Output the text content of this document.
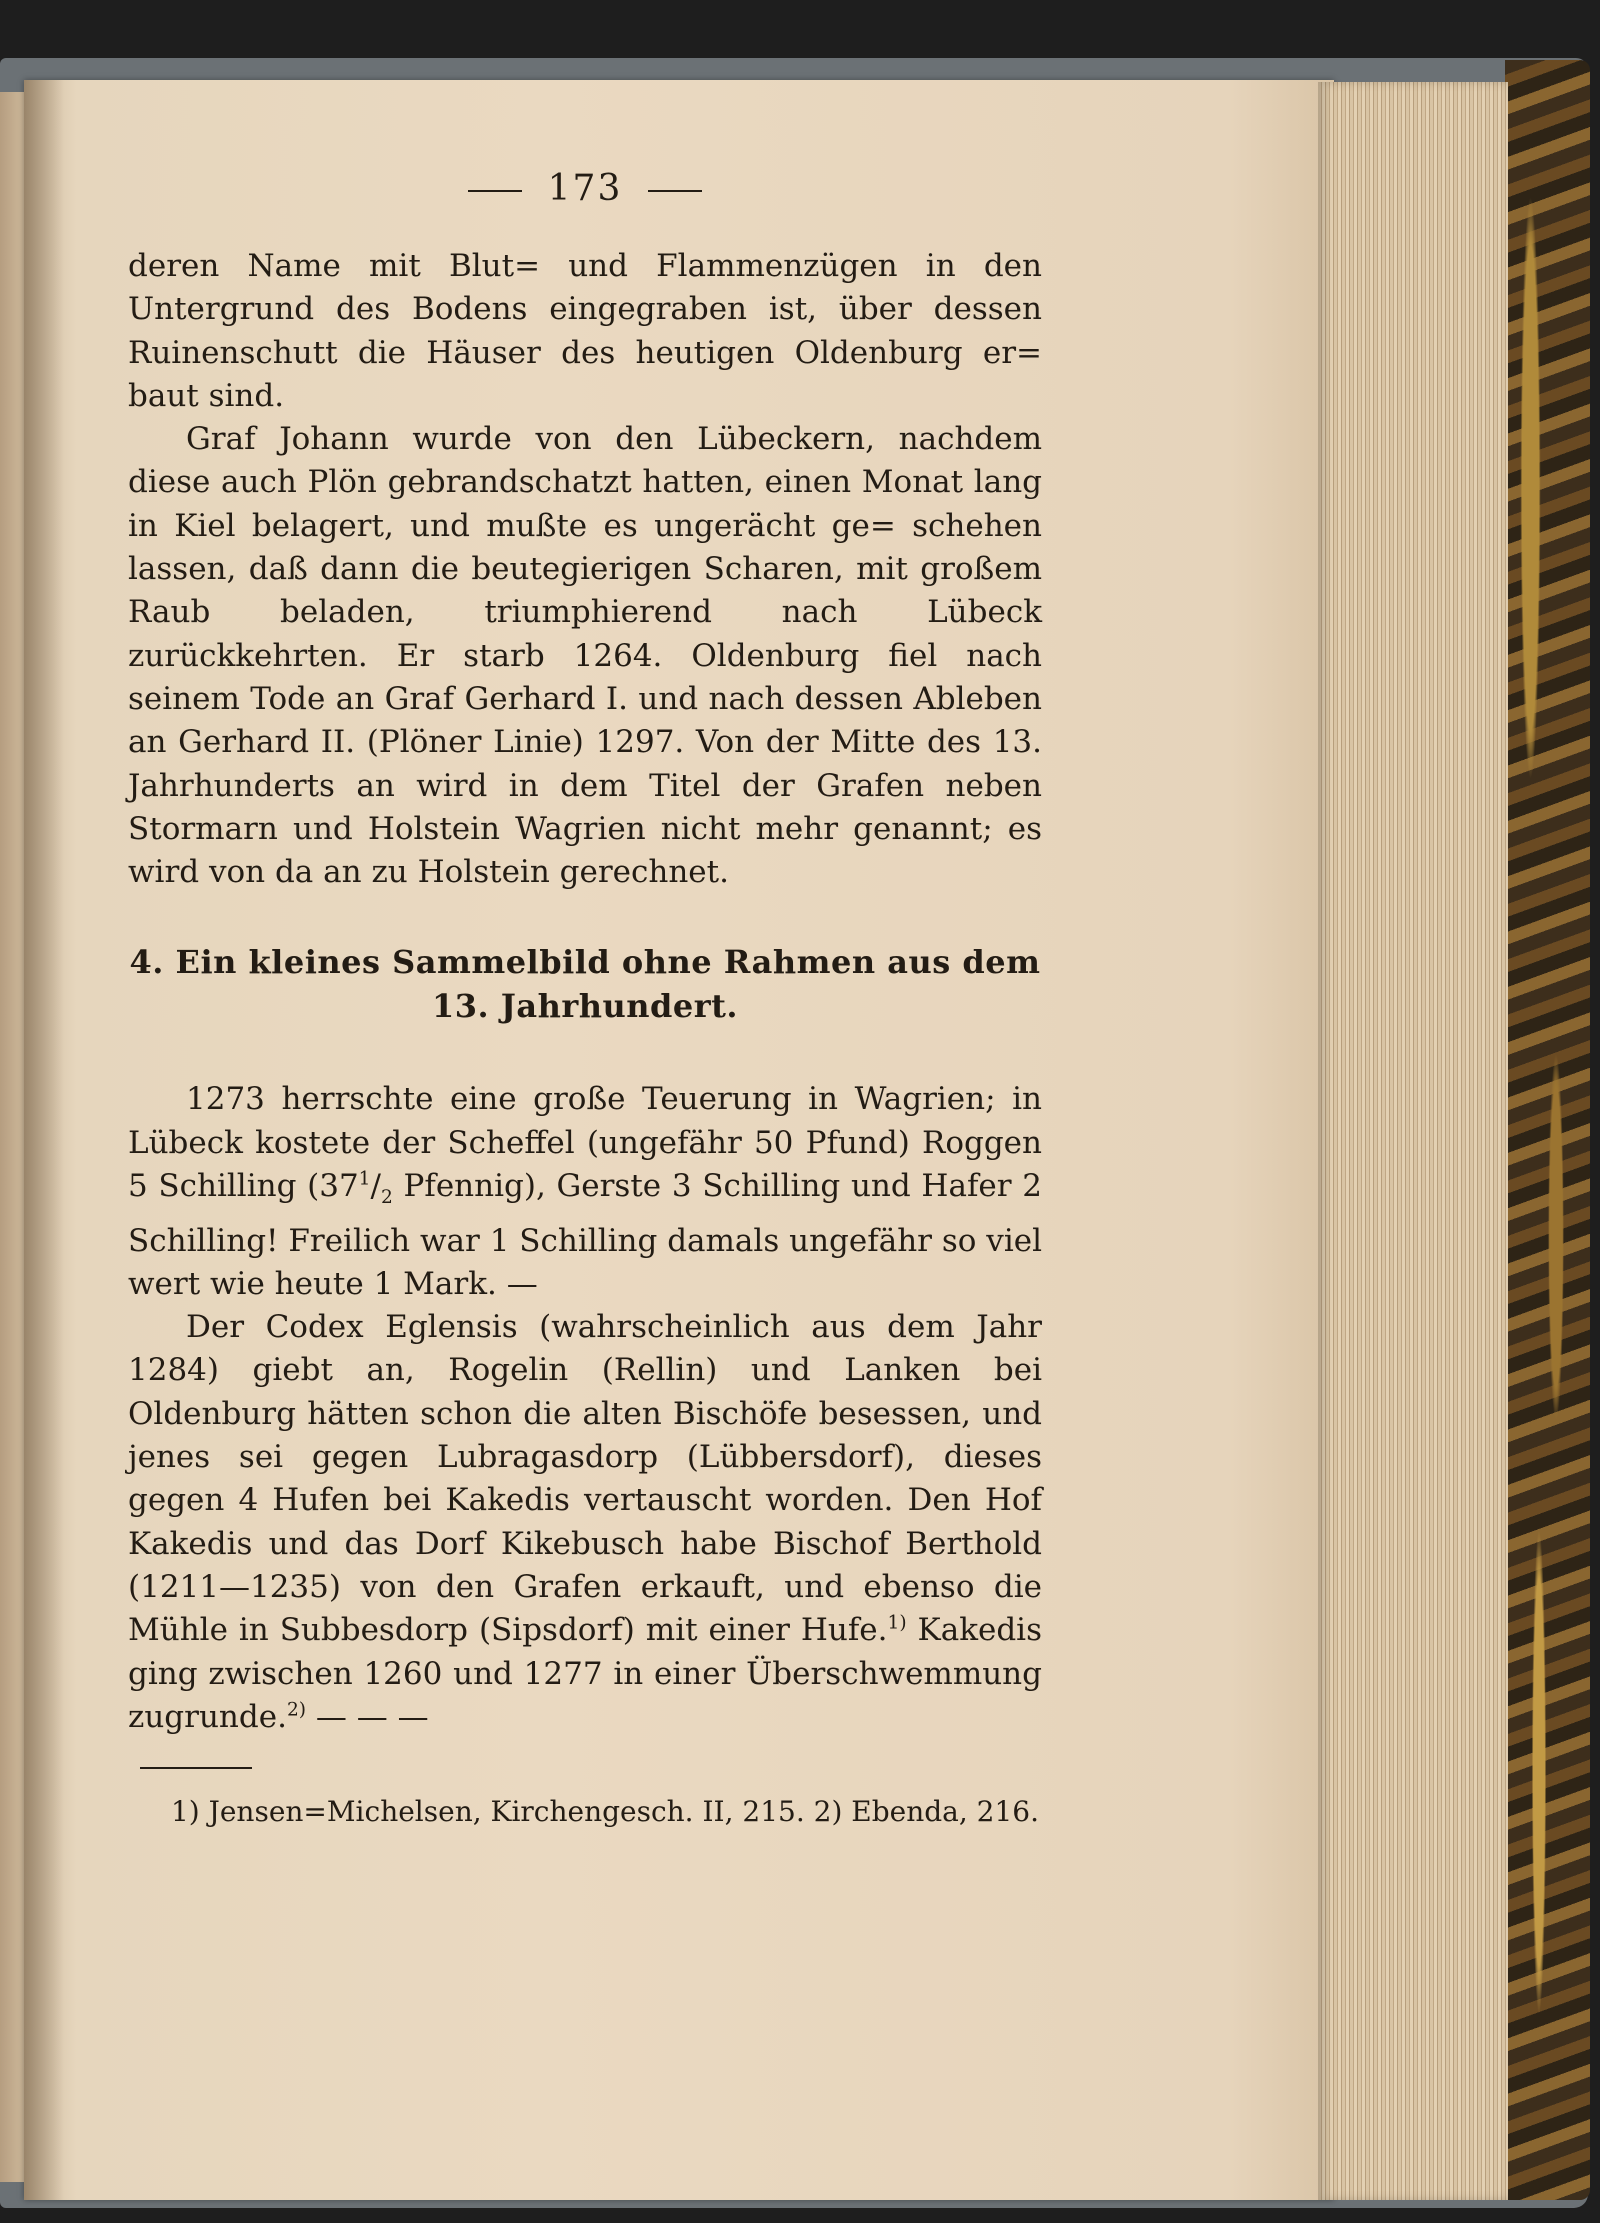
173

deren Name mit Blut= und Flammenzügen in den Untergrund des Bodens eingegraben ist, über dessen Ruinenschutt die Häuser des heutigen Oldenburg er= baut sind.

Graf Johann wurde von den Lübeckern, nachdem diese auch Plön gebrandschatzt hatten, einen Monat lang in Kiel belagert, und mußte es ungerächt ge= schehen lassen, daß dann die beutegierigen Scharen, mit großem Raub beladen, triumphierend nach Lübeck zurückkehrten. Er starb 1264. Oldenburg fiel nach seinem Tode an Graf Gerhard I. und nach dessen Ableben an Gerhard II. (Plöner Linie) 1297. Von der Mitte des 13. Jahrhunderts an wird in dem Titel der Grafen neben Stormarn und Holstein Wagrien nicht mehr genannt; es wird von da an zu Holstein gerechnet.

4. Ein kleines Sammelbild ohne Rahmen aus dem 13. Jahrhundert.

1273 herrschte eine große Teuerung in Wagrien; in Lübeck kostete der Scheffel (ungefähr 50 Pfund) Roggen 5 Schilling ($37^1/_2$ Pfennig), Gerste 3 Schilling und Hafer 2 Schilling! Freilich war 1 Schilling damals ungefähr so viel wert wie heute 1 Mark. —

Der Codex Eglensis (wahrscheinlich aus dem Jahr 1284) giebt an, Rogelin (Rellin) und Lanken bei Oldenburg hätten schon die alten Bischöfe besessen, und jenes sei gegen Lubragasdorp (Lübbersdorf), dieses gegen 4 Hufen bei Kakedis vertauscht worden. Den Hof Kakedis und das Dorf Kikebusch habe Bischof Berthold (1211—1235) von den Grafen erkauft, und ebenso die Mühle in Subbesdorp (Sipsdorf) mit einer Hufe.$^{1)}$ Kakedis ging zwischen 1260 und 1277 in einer Überschwemmung zugrunde.$^{2)}$ — — —

1) Jensen=Michelsen, Kirchengesch. II, 215. 2) Ebenda, 216.
